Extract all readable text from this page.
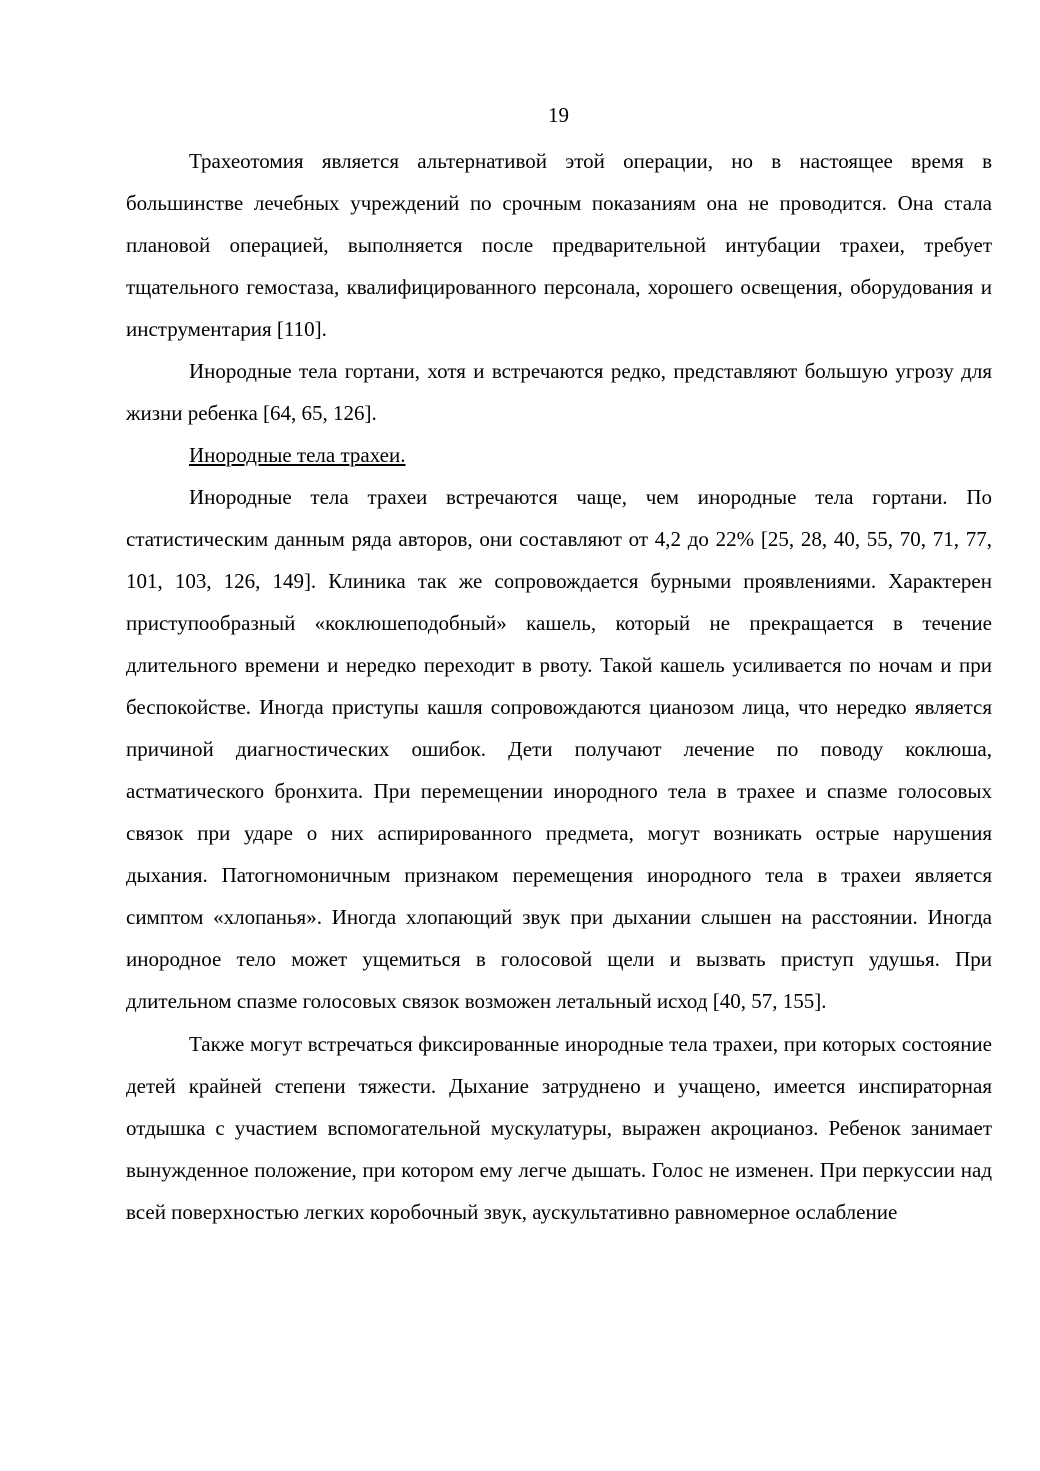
19

Трахеотомия является альтернативой этой операции, но в настоящее время в большинстве лечебных учреждений по срочным показаниям она не проводится. Она стала плановой операцией, выполняется после предварительной интубации трахеи, требует тщательного гемостаза, квалифицированного персонала, хорошего освещения, оборудования и инструментария [110].

Инородные тела гортани, хотя и встречаются редко, представляют большую угрозу для жизни ребенка [64, 65, 126].

Инородные тела трахеи.

Инородные тела трахеи встречаются чаще, чем инородные тела гортани. По статистическим данным ряда авторов, они составляют от 4,2 до 22% [25, 28, 40, 55, 70, 71, 77, 101, 103, 126, 149]. Клиника так же сопровождается бурными проявлениями. Характерен приступообразный «коклюшеподобный» кашель, который не прекращается в течение длительного времени и нередко переходит в рвоту. Такой кашель усиливается по ночам и при беспокойстве. Иногда приступы кашля сопровождаются цианозом лица, что нередко является причиной диагностических ошибок. Дети получают лечение по поводу коклюша, астматического бронхита. При перемещении инородного тела в трахее и спазме голосовых связок при ударе о них аспирированного предмета, могут возникать острые нарушения дыхания. Патогномоничным признаком перемещения инородного тела в трахеи является симптом «хлопанья». Иногда хлопающий звук при дыхании слышен на расстоянии. Иногда инородное тело может ущемиться в голосовой щели и вызвать приступ удушья. При длительном спазме голосовых связок возможен летальный исход [40, 57, 155].

Также могут встречаться фиксированные инородные тела трахеи, при которых состояние детей крайней степени тяжести. Дыхание затруднено и учащено, имеется инспираторная отдышка с участием вспомогательной мускулатуры, выражен акроцианоз. Ребенок занимает вынужденное положение, при котором ему легче дышать. Голос не изменен. При перкуссии над всей поверхностью легких коробочный звук, аускультативно равномерное ослабление
